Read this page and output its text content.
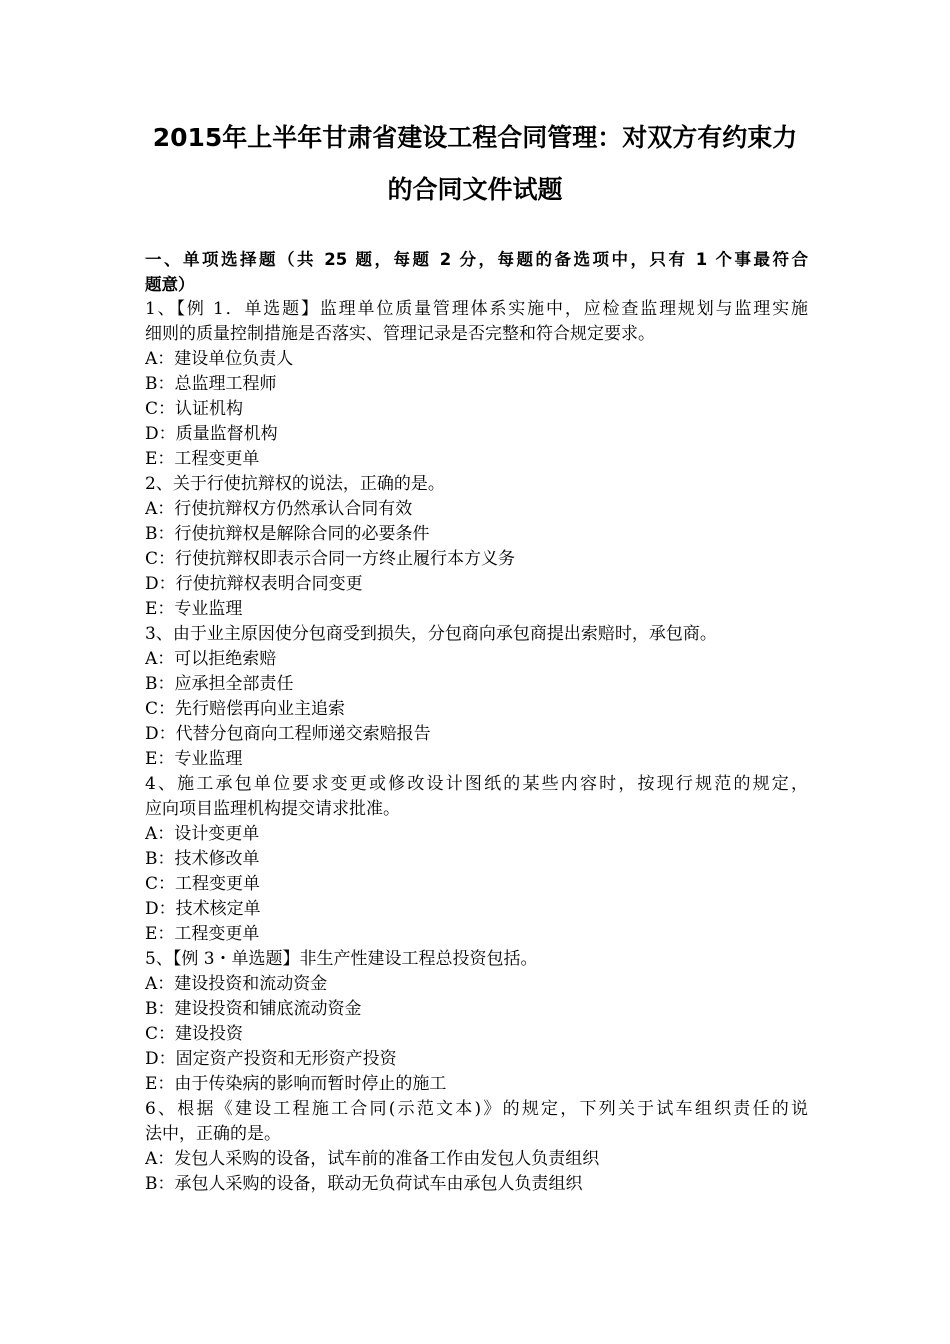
2015年上半年甘肃省建设工程合同管理：对双方有约束力
的合同文件试题
一、单项选择题（共 25 题，每题 2 分，每题的备选项中，只有 1 个事最符合
题意）
1、【例 1．单选题】监理单位质量管理体系实施中，应检查监理规划与监理实施
细则的质量控制措施是否落实、管理记录是否完整和符合规定要求。
A：建设单位负责人
B：总监理工程师
C：认证机构
D：质量监督机构
E：工程变更单
2、关于行使抗辩权的说法，正确的是。
A：行使抗辩权方仍然承认合同有效
B：行使抗辩权是解除合同的必要条件
C：行使抗辩权即表示合同一方终止履行本方义务
D：行使抗辩权表明合同变更
E：专业监理
3、由于业主原因使分包商受到损失，分包商向承包商提出索赔时，承包商。
A：可以拒绝索赔
B：应承担全部责任
C：先行赔偿再向业主追索
D：代替分包商向工程师递交索赔报告
E：专业监理
4、施工承包单位要求变更或修改设计图纸的某些内容时，按现行规范的规定，
应向项目监理机构提交请求批准。
A：设计变更单
B：技术修改单
C：工程变更单
D：技术核定单
E：工程变更单
5、【例 3・单选题】非生产性建设工程总投资包括。
A：建设投资和流动资金
B：建设投资和铺底流动资金
C：建设投资
D：固定资产投资和无形资产投资
E：由于传染病的影响而暂时停止的施工
6、根据《建设工程施工合同(示范文本)》的规定，下列关于试车组织责任的说
法中，正确的是。
A：发包人采购的设备，试车前的准备工作由发包人负责组织
B：承包人采购的设备，联动无负荷试车由承包人负责组织
